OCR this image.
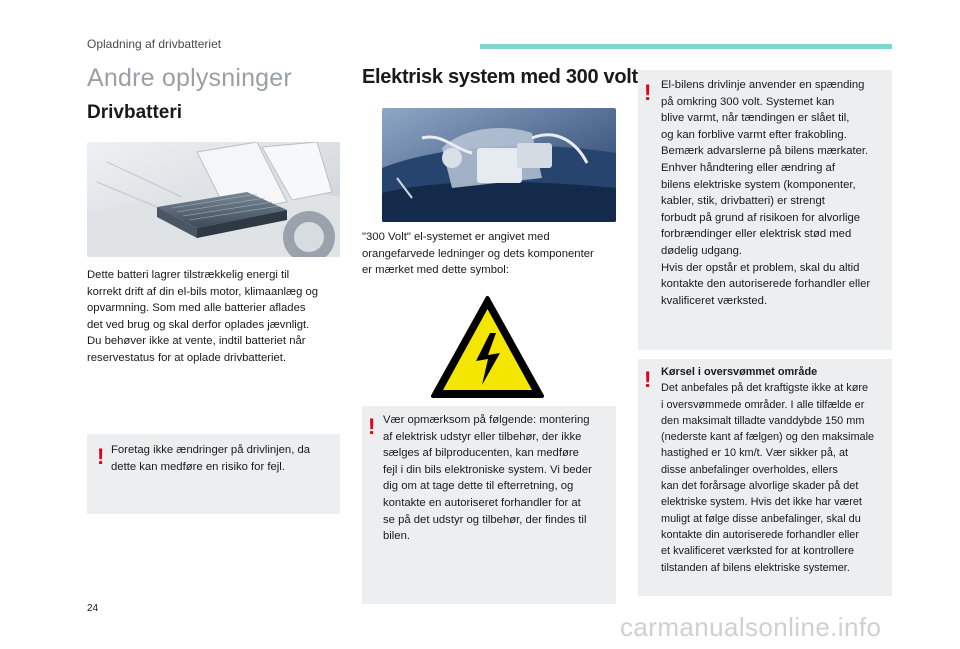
Opladning af drivbatteriet
Andre oplysninger
Drivbatteri
Dette batteri lagrer tilstrækkelig energi til
korrekt drift af din el-bils motor, klimaanlæg og
opvarmning. Som med alle batterier aflades
det ved brug og skal derfor oplades jævnligt.
Du behøver ikke at vente, indtil batteriet når
reservestatus for at oplade drivbatteriet.
! Foretag ikke ændringer på drivlinjen, da
dette kan medføre en risiko for fejl.
Elektrisk system med 300 volt
"300 Volt" el-systemet er angivet med
orangefarvede ledninger og dets komponenter
er mærket med dette symbol:
! Vær opmærksom på følgende: montering
af elektrisk udstyr eller tilbehør, der ikke
sælges af bilproducenten, kan medføre
fejl i din bils elektroniske system. Vi beder
dig om at tage dette til efterretning, og
kontakte en autoriseret forhandler for at
se på det udstyr og tilbehør, der findes til
bilen.
! El-bilens drivlinje anvender en spænding
på omkring 300 volt. Systemet kan
blive varmt, når tændingen er slået til,
og kan forblive varmt efter frakobling.
Bemærk advarslerne på bilens mærkater.
Enhver håndtering eller ændring af
bilens elektriske system (komponenter,
kabler, stik, drivbatteri) er strengt
forbudt på grund af risikoen for alvorlige
forbrændinger eller elektrisk stød med
dødelig udgang.
Hvis der opstår et problem, skal du altid
kontakte den autoriserede forhandler eller
kvalificeret værksted.
! Kørsel i oversvømmet område
Det anbefales på det kraftigste ikke at køre
i oversvømmede områder. I alle tilfælde er
den maksimalt tilladte vanddybde 150 mm
(nederste kant af fælgen) og den maksimale
hastighed er 10 km/t. Vær sikker på, at
disse anbefalinger overholdes, ellers
kan det forårsage alvorlige skader på det
elektriske system. Hvis det ikke har været
muligt at følge disse anbefalinger, skal du
kontakte din autoriserede forhandler eller
et kvalificeret værksted for at kontrollere
tilstanden af bilens elektriske systemer.
24
carmanualsonline.info
